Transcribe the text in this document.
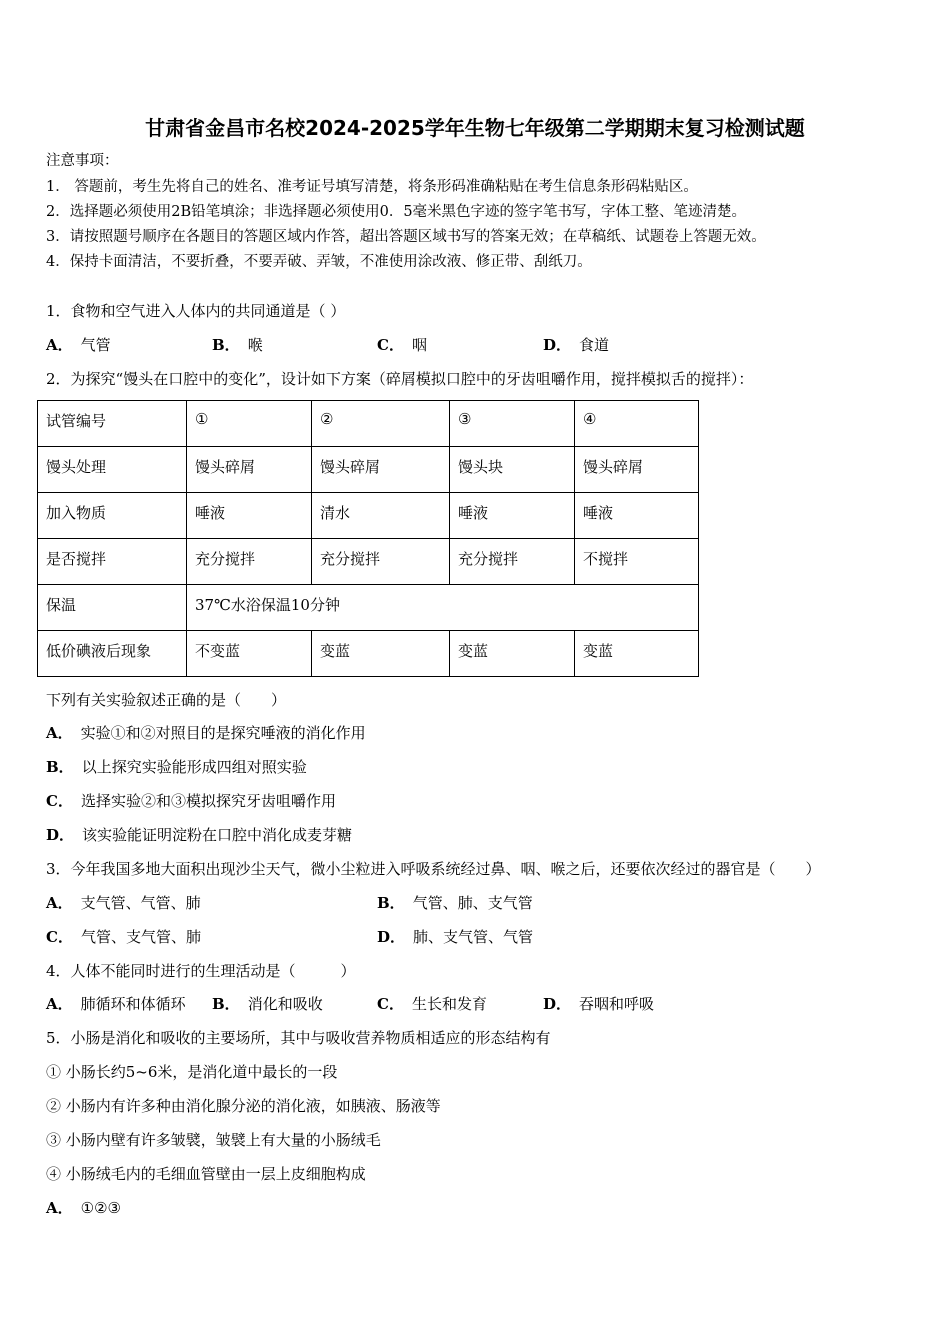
甘肃省金昌市名校2024-2025学年生物七年级第二学期期末复习检测试题
注意事项：
1． 答题前，考生先将自己的姓名、准考证号填写清楚，将条形码准确粘贴在考生信息条形码粘贴区。
2．选择题必须使用2B铅笔填涂；非选择题必须使用0．5毫米黑色字迹的签字笔书写，字体工整、笔迹清楚。
3．请按照题号顺序在各题目的答题区域内作答，超出答题区域书写的答案无效；在草稿纸、试题卷上答题无效。
4．保持卡面清洁，不要折叠，不要弄破、弄皱，不准使用涂改液、修正带、刮纸刀。
1．食物和空气进入人体内的共同通道是（ ）
A． 气管	B． 喉	C． 咽	D． 食道
2．为探究“馒头在口腔中的变化”，设计如下方案（碎屑模拟口腔中的牙齿咀嚼作用，搅拌模拟舌的搅拌）：
试管编号	①	②	③	④
馒头处理	馒头碎屑	馒头碎屑	馒头块	馒头碎屑
加入物质	唾液	清水	唾液	唾液
是否搅拌	充分搅拌	充分搅拌	充分搅拌	不搅拌
保温	37℃水浴保温10分钟			
低价碘液后现象	不变蓝	变蓝	变蓝	变蓝
下列有关实验叙述正确的是（　　）
A． 实验①和②对照目的是探究唾液的消化作用
B． 以上探究实验能形成四组对照实验
C． 选择实验②和③模拟探究牙齿咀嚼作用
D． 该实验能证明淀粉在口腔中消化成麦芽糖
3．今年我国多地大面积出现沙尘天气，微小尘粒进入呼吸系统经过鼻、咽、喉之后，还要依次经过的器官是（　　）
A． 支气管、气管、肺	B． 气管、肺、支气管
C． 气管、支气管、肺	D． 肺、支气管、气管
4．人体不能同时进行的生理活动是（　　　）
A． 肺循环和体循环 B． 消化和吸收	C． 生长和发育	D． 吞咽和呼吸
5．小肠是消化和吸收的主要场所，其中与吸收营养物质相适应的形态结构有
① 小肠长约5~6米，是消化道中最长的一段
② 小肠内有许多种由消化腺分泌的消化液，如胰液、肠液等
③ 小肠内壁有许多皱襞，皱襞上有大量的小肠绒毛
④ 小肠绒毛内的毛细血管壁由一层上皮细胞构成
A． ①②③
